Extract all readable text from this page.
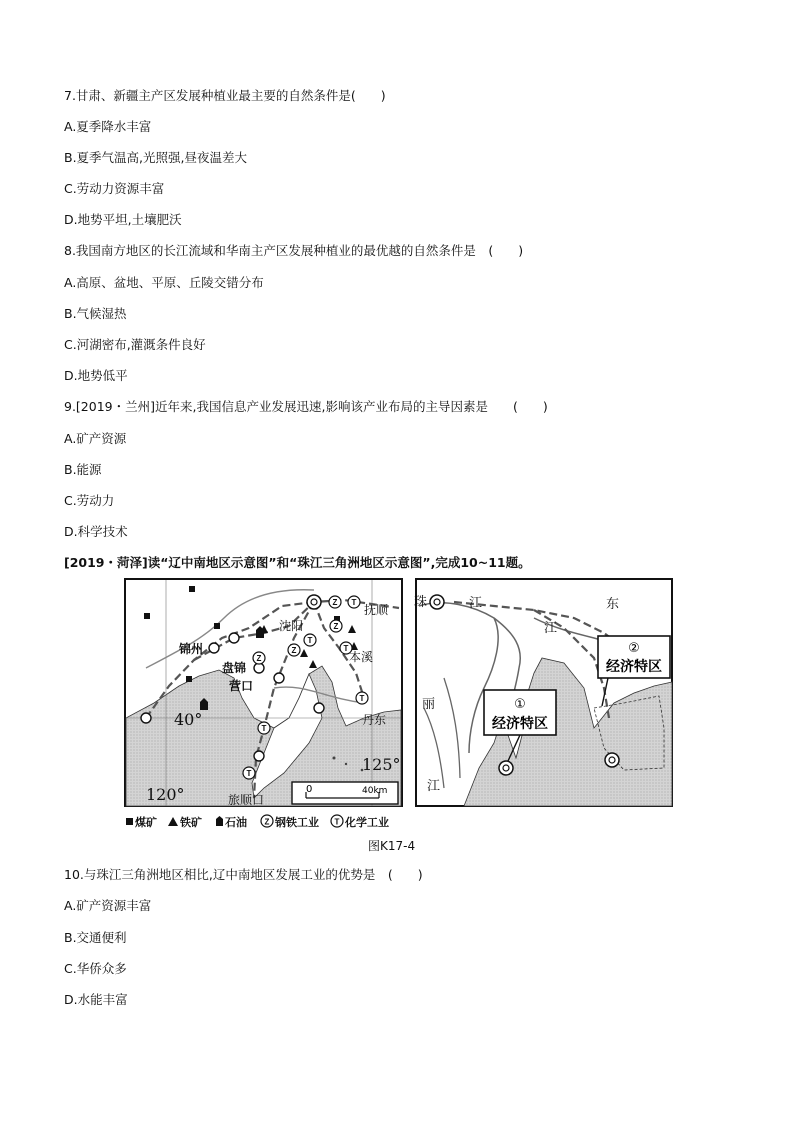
7.甘肃、新疆主产区发展种植业最主要的自然条件是(　　)
A.夏季降水丰富
B.夏季气温高,光照强,昼夜温差大
C.劳动力资源丰富
D.地势平坦,土壤肥沃
8.我国南方地区的长江流域和华南主产区发展种植业的最优越的自然条件是　(　　)
A.高原、盆地、平原、丘陵交错分布
B.气候湿热
C.河湖密布,灌溉条件良好
D.地势低平
9.[2019・兰州]近年来,我国信息产业发展迅速,影响该产业布局的主导因素是　　(　　)
A.矿产资源
B.能源
C.劳动力
D.科学技术
[2019・菏泽]读“辽中南地区示意图”和“珠江三角洲地区示意图”,完成10~11题。
Z T
Z
T
Z	T
T
T
T
Z
抚顺
沈阳
本溪
锦州
盘锦
营口
丹东
旅顺口
40°
120°
125°
0	40km
珠	江	东
江
丽
江
①
经济特区
②
经济特区
煤矿 铁矿 石油 Z 钢铁工业 T 化学工业
图K17-4
10.与珠江三角洲地区相比,辽中南地区发展工业的优势是　(　　)
A.矿产资源丰富
B.交通便利
C.华侨众多
D.水能丰富
